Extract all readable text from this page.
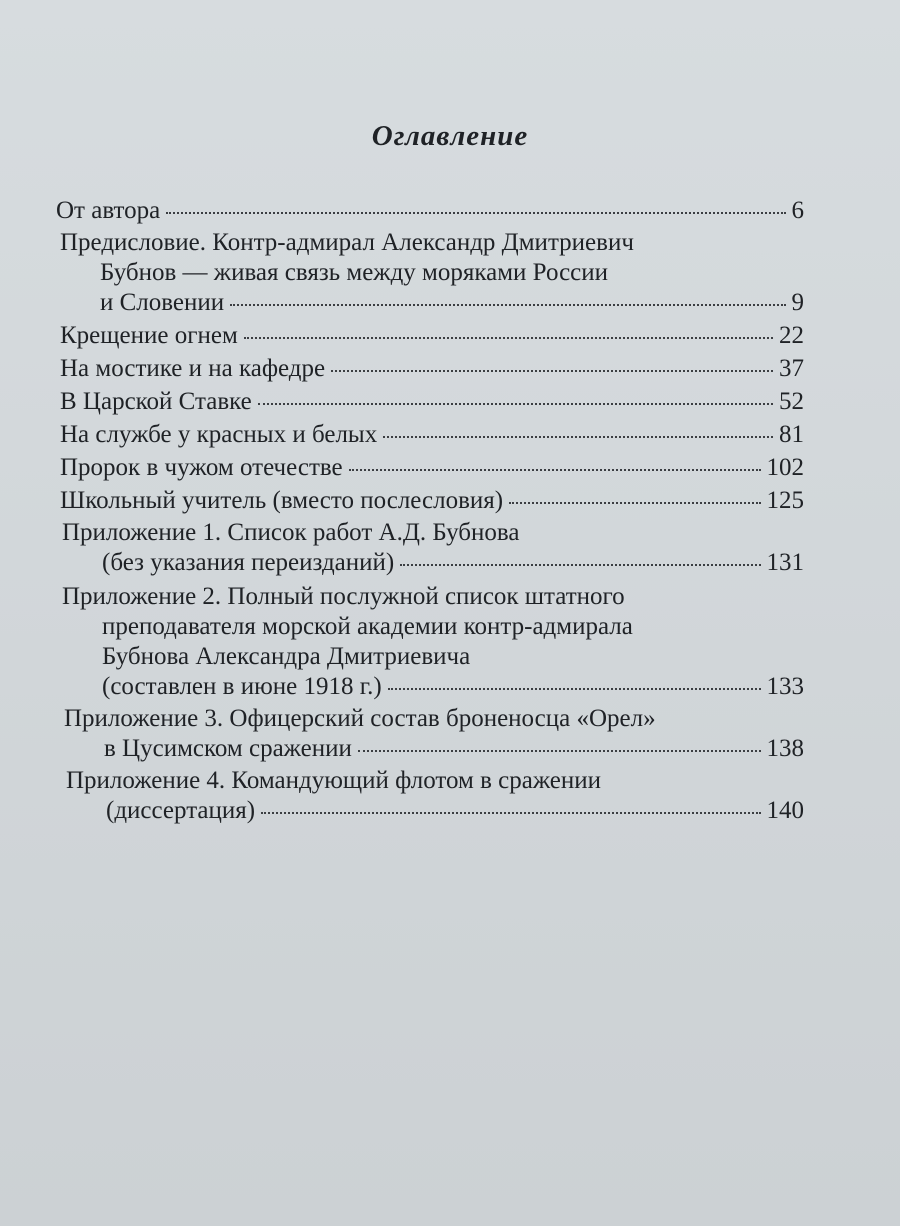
Оглавление
От автора	6
Предисловие. Контр-адмирал Александр Дмитриевич
Бубнов — живая связь между моряками России
и Словении	9
Крещение огнем	22
На мостике и на кафедре	37
В Царской Ставке	52
На службе у красных и белых	81
Пророк в чужом отечестве	102
Школьный учитель (вместо послесловия)	125
Приложение 1. Список работ А.Д. Бубнова
(без указания переизданий)	131
Приложение 2. Полный послужной список штатного
преподавателя морской академии контр-адмирала
Бубнова Александра Дмитриевича
(составлен в июне 1918 г.)	133
Приложение 3. Офицерский состав броненосца «Орел»
в Цусимском сражении	138
Приложение 4. Командующий флотом в сражении
(диссертация)	140
